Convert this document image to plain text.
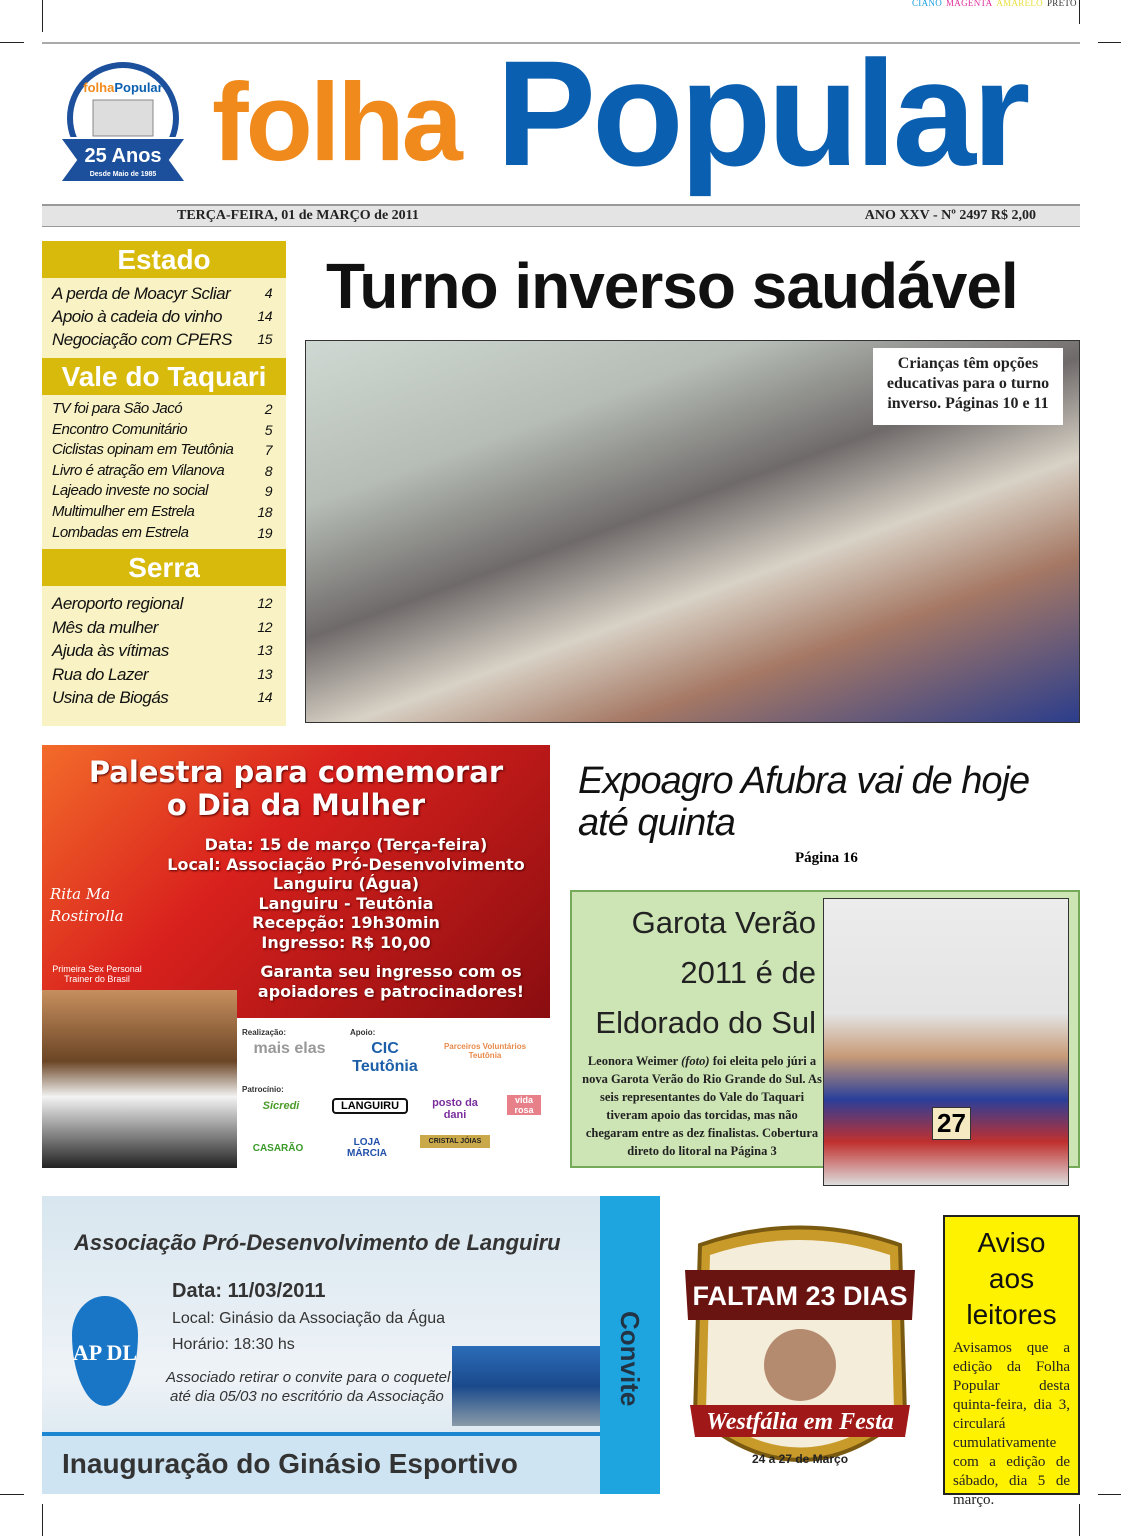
CIANO MAGENTA AMARELO PRETO
folhaPopular
25 Anos
Desde Maio de 1985 folha Popular
TERÇA-FEIRA, 01 de MARÇO de 2011	ANO XXV - Nº 2497 R$ 2,00
Estado
A perda de Moacyr Scliar 4
Apoio à cadeia do vinho	14
Negociação com CPERS 15
Vale do Taquari
TV foi para São Jacó	2
Encontro Comunitário	5
Ciclistas opinam em Teutônia 7
Livro é atração em Vilanova	8
Lajeado investe no social	9
Multimulher em Estrela	18
Lombadas em Estrela	19
Serra
Aeroporto regional	12
Mês da mulher	12
Ajuda às vítimas	13
Rua do Lazer	13
Usina de Biogás	14
Turno inverso saudável
Crianças têm opções educativas para o turno inverso. Páginas 10 e 11
Palestra para comemorar
o Dia da Mulher
Data: 15 de março (Terça-feira)
Local: Associação Pró-Desenvolvimento
Languiru (Água)
Languiru - Teutônia
Recepção: 19h30min
Ingresso: R$ 10,00
Garanta seu ingresso com os
apoiadores e patrocinadores!
Rita Ma Rostirolla
Primeira Sex Personal Trainer do Brasil
Realização:	Apoio:
Patrocínio:
mais elas	CIC Teutônia
Parceiros Voluntários Teutônia
Sicredi	LANGUIRU	posto da dani
vida rosa
CASARÃO
LOJA MÁRCIA
CRISTAL JÓIAS
Expoagro Afubra vai de hoje até quinta
Página 16
Garota Verão
2011 é de
Eldorado do Sul
Leonora Weimer (foto) foi eleita pelo júri a nova Garota Verão do Rio Grande do Sul. As seis representantes do Vale do Taquari tiveram apoio das torcidas, mas não chegaram entre as dez finalistas. Cobertura direto do litoral na Página 3
27
Associação Pró-Desenvolvimento de Languiru
Data: 11/03/2011
Local: Ginásio da Associação da Água
Horário: 18:30 hs
Associado retirar o convite para o coquetel
até dia 05/03 no escritório da Associação
AP DL
Inauguração do Ginásio Esportivo
Convite
FALTAM 23 DIAS
Westfália em Festa
24 a 27 de Março
Aviso aos leitores
Avisamos que a edição da Folha Popular desta quinta-feira, dia 3, circulará cumulativamente com a edição de sábado, dia 5 de março.
